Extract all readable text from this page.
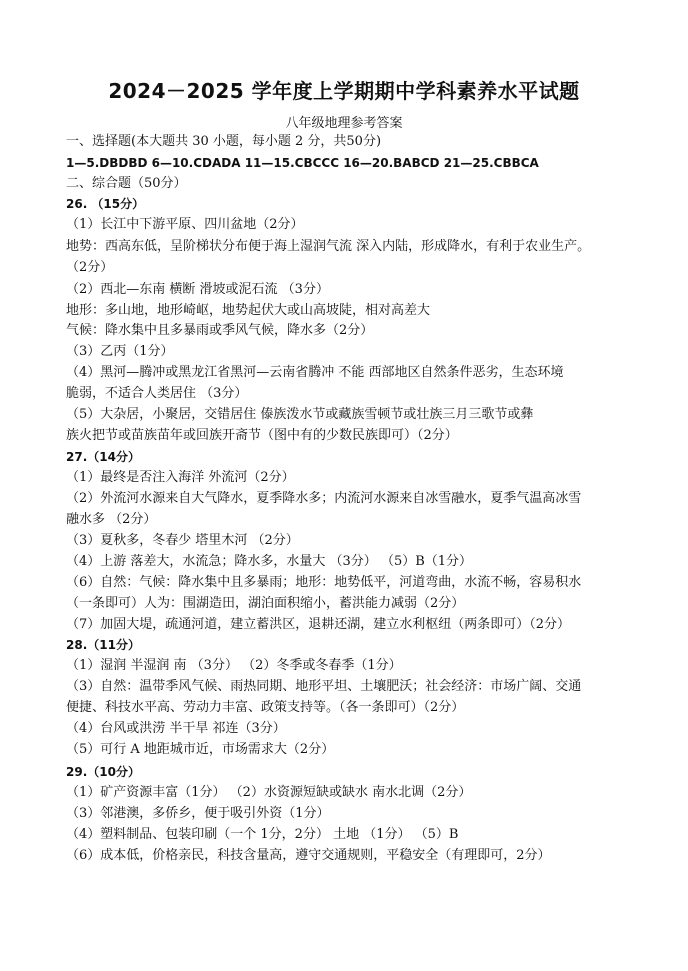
2024－2025 学年度上学期期中学科素养水平试题
八年级地理参考答案
一、选择题(本大题共 30 小题，每小题 2 分，共50分)
1—5.DBDBD 6—10.CDADA 11—15.CBCCC 16—20.BABCD 21—25.CBBCA
二、综合题（50分）
26. （15分）
（1）长江中下游平原、四川盆地（2分）
地势：西高东低，呈阶梯状分布便于海上湿润气流 深入内陆，形成降水，有利于农业生产。
（2分）
（2）西北—东南 横断 滑坡或泥石流 （3分）
地形：多山地，地形崎岖，地势起伏大或山高坡陡，相对高差大
气候：降水集中且多暴雨或季风气候，降水多（2分）
（3）乙丙（1分）
（4）黑河—腾冲或黑龙江省黑河—云南省腾冲 不能 西部地区自然条件恶劣，生态环境
脆弱，不适合人类居住 （3分）
（5）大杂居，小聚居，交错居住 傣族泼水节或藏族雪顿节或壮族三月三歌节或彝
族火把节或苗族苗年或回族开斋节（图中有的少数民族即可）（2分）
27.（14分）
（1）最终是否注入海洋 外流河（2分）
（2）外流河水源来自大气降水，夏季降水多；内流河水源来自冰雪融水，夏季气温高冰雪
融水多 （2分）
（3）夏秋多，冬春少 塔里木河 （2分）
（4）上游 落差大，水流急；降水多，水量大 （3分） （5）B（1分）
（6）自然：气候：降水集中且多暴雨；地形：地势低平，河道弯曲，水流不畅，容易积水
（一条即可）人为：围湖造田，湖泊面积缩小，蓄洪能力减弱（2分）
（7）加固大堤，疏通河道，建立蓄洪区，退耕还湖，建立水利枢纽（两条即可）（2分）
28.（11分）
（1）湿润 半湿润 南 （3分） （2）冬季或冬春季（1分）
（3）自然：温带季风气候、雨热同期、地形平坦、土壤肥沃；社会经济：市场广阔、交通
便捷、科技水平高、劳动力丰富、政策支持等。（各一条即可）（2分）
（4）台风或洪涝 半干旱 祁连（3分）
（5）可行 A 地距城市近，市场需求大（2分）
29.（10分）
（1）矿产资源丰富（1分） （2）水资源短缺或缺水 南水北调（2分）
（3）邻港澳，多侨乡，便于吸引外资（1分）
（4）塑料制品、包装印刷（一个 1分，2分） 土地 （1分） （5）B
（6）成本低，价格亲民，科技含量高，遵守交通规则，平稳安全（有理即可，2分）
